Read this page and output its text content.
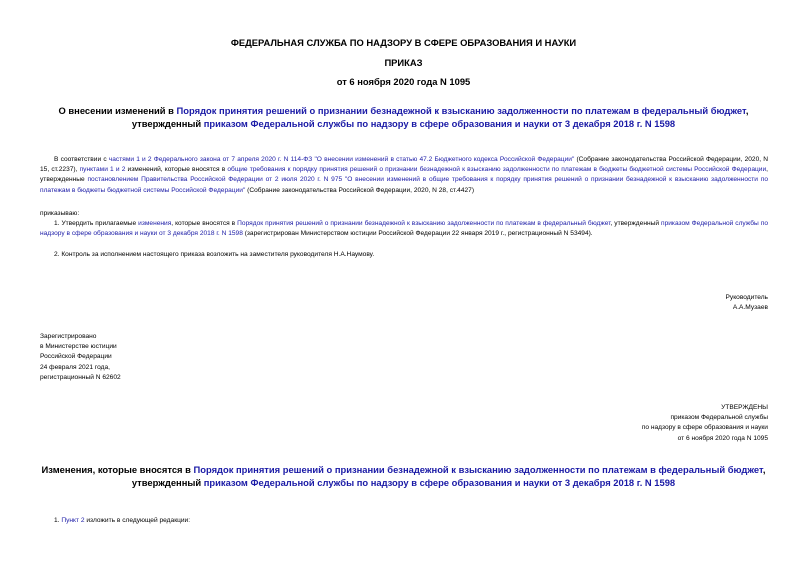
ФЕДЕРАЛЬНАЯ СЛУЖБА ПО НАДЗОРУ В СФЕРЕ ОБРАЗОВАНИЯ И НАУКИ
ПРИКАЗ
от 6 ноября 2020 года N 1095
О внесении изменений в Порядок принятия решений о признании безнадежной к взысканию задолженности по платежам в федеральный бюджет, утвержденный приказом Федеральной службы по надзору в сфере образования и науки от 3 декабря 2018 г. N 1598
В соответствии с частями 1 и 2 Федерального закона от 7 апреля 2020 г. N 114-ФЗ "О внесении изменений в статью 47.2 Бюджетного кодекса Российской Федерации" (Собрание законодательства Российской Федерации, 2020, N 15, ст.2237), пунктами 1 и 2 изменений, которые вносятся в общие требования к порядку принятия решений о признании безнадежной к взысканию задолженности по платежам в бюджеты бюджетной системы Российской Федерации, утвержденные постановлением Правительства Российской Федерации от 2 июля 2020 г. N 975 "О внесении изменений в общие требования к порядку принятия решений о признании безнадежной к взысканию задолженности по платежам в бюджеты бюджетной системы Российской Федерации" (Собрание законодательства Российской Федерации, 2020, N 28, ст.4427)
приказываю:
1. Утвердить прилагаемые изменения, которые вносятся в Порядок принятия решений о признании безнадежной к взысканию задолженности по платежам в федеральный бюджет, утвержденный приказом Федеральной службы по надзору в сфере образования и науки от 3 декабря 2018 г. N 1598 (зарегистрирован Министерством юстиции Российской Федерации 22 января 2019 г., регистрационный N 53494).
2. Контроль за исполнением настоящего приказа возложить на заместителя руководителя Н.А.Наумову.
Руководитель
А.А.Музаев
Зарегистрировано
в Министерстве юстиции
Российской Федерации
24 февраля 2021 года,
регистрационный N 62602
УТВЕРЖДЕНЫ
приказом Федеральной службы
по надзору в сфере образования и науки
от 6 ноября 2020 года N 1095
Изменения, которые вносятся в Порядок принятия решений о признании безнадежной к взысканию задолженности по платежам в федеральный бюджет, утвержденный приказом Федеральной службы по надзору в сфере образования и науки от 3 декабря 2018 г. N 1598
1. Пункт 2 изложить в следующей редакции:
